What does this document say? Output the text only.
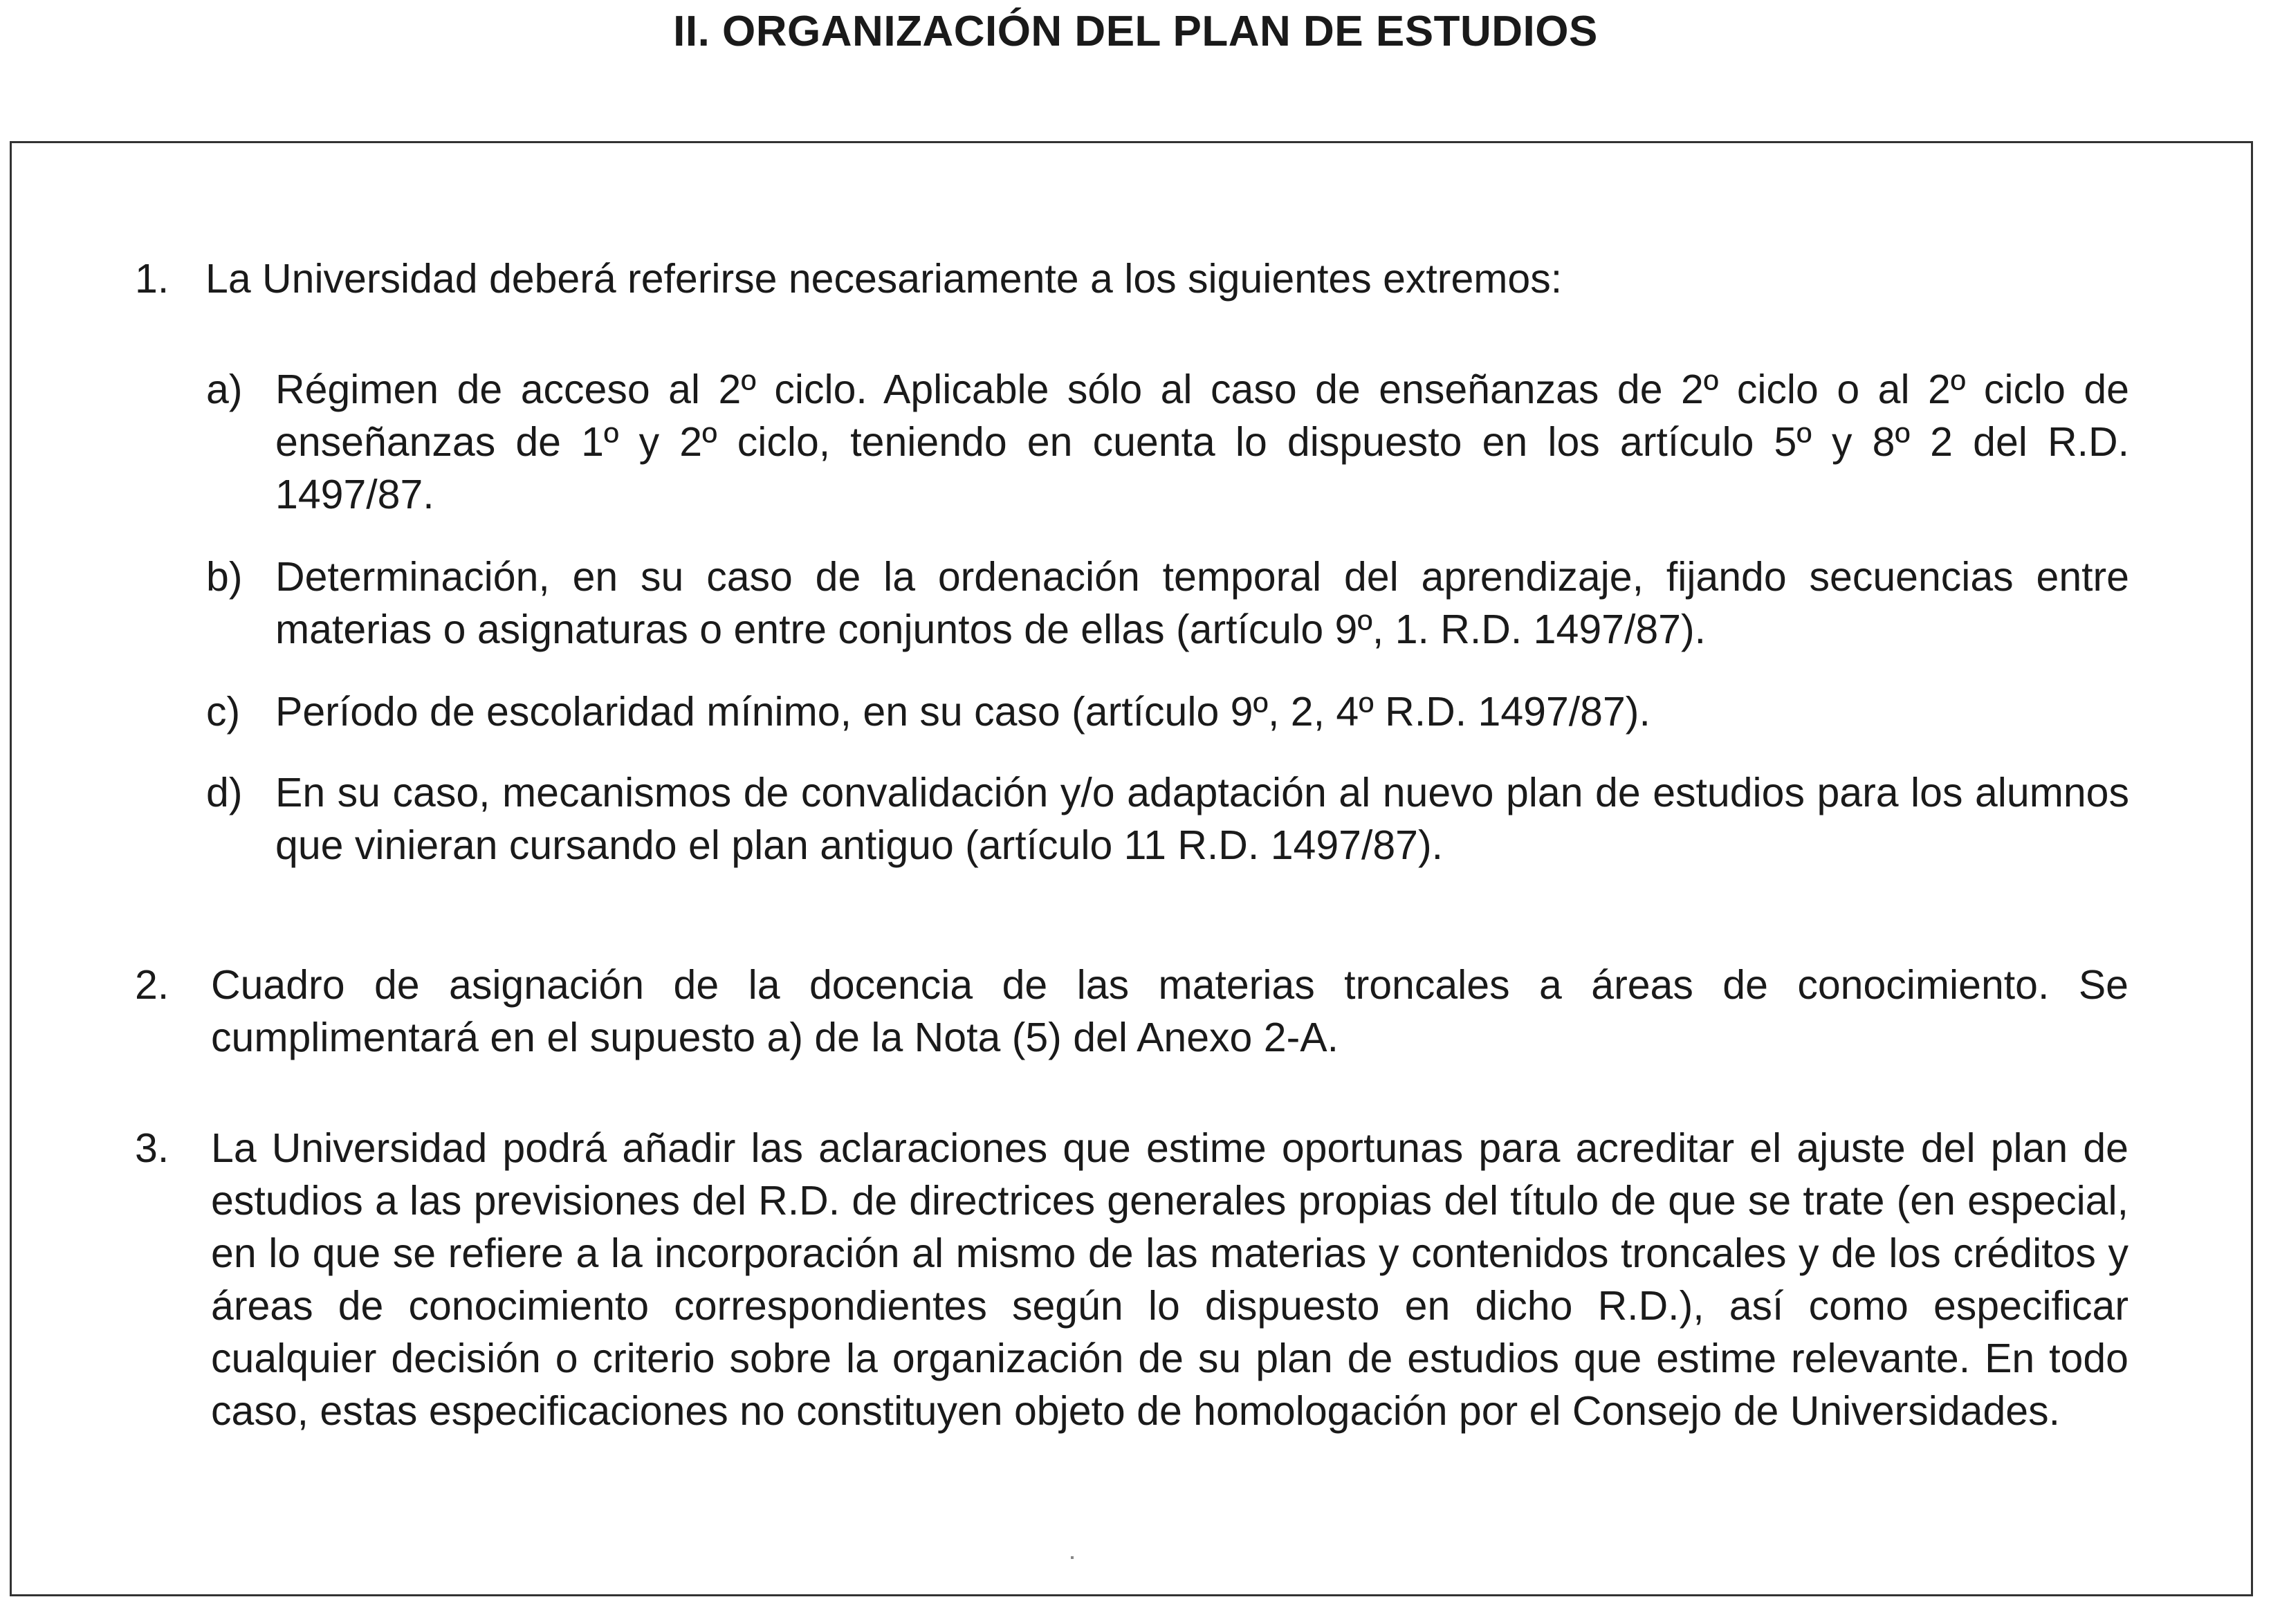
II. ORGANIZACIÓN DEL PLAN DE ESTUDIOS
1. La Universidad deberá referirse necesariamente a los siguientes extremos:
a) Régimen de acceso al 2º ciclo. Aplicable sólo al caso de enseñanzas de 2º ciclo o al 2º ciclo de enseñanzas de 1º y 2º ciclo, teniendo en cuenta lo dispuesto en los artículo 5º y 8º 2 del R.D. 1497/87.
b) Determinación, en su caso de la ordenación temporal del aprendizaje, fijando secuencias entre materias o asignaturas o entre conjuntos de ellas (artículo 9º, 1. R.D. 1497/87).
c) Período de escolaridad mínimo, en su caso (artículo 9º, 2, 4º R.D. 1497/87).
d) En su caso, mecanismos de convalidación y/o adaptación al nuevo plan de estudios para los alumnos que vinieran cursando el plan antiguo (artículo 11 R.D. 1497/87).
2. Cuadro de asignación de la docencia de las materias troncales a áreas de conocimiento. Se cumplimentará en el supuesto a) de la Nota (5) del Anexo 2-A.
3. La Universidad podrá añadir las aclaraciones que estime oportunas para acreditar el ajuste del plan de estudios a las previsiones del R.D. de directrices generales propias del título de que se trate (en especial, en lo que se refiere a la incorporación al mismo de las materias y contenidos troncales y de los créditos y áreas de conocimiento correspondientes según lo dispuesto en dicho R.D.), así como especificar cualquier decisión o criterio sobre la organización de su plan de estudios que estime relevante. En todo caso, estas especificaciones no constituyen objeto de homologación por el Consejo de Universidades.
